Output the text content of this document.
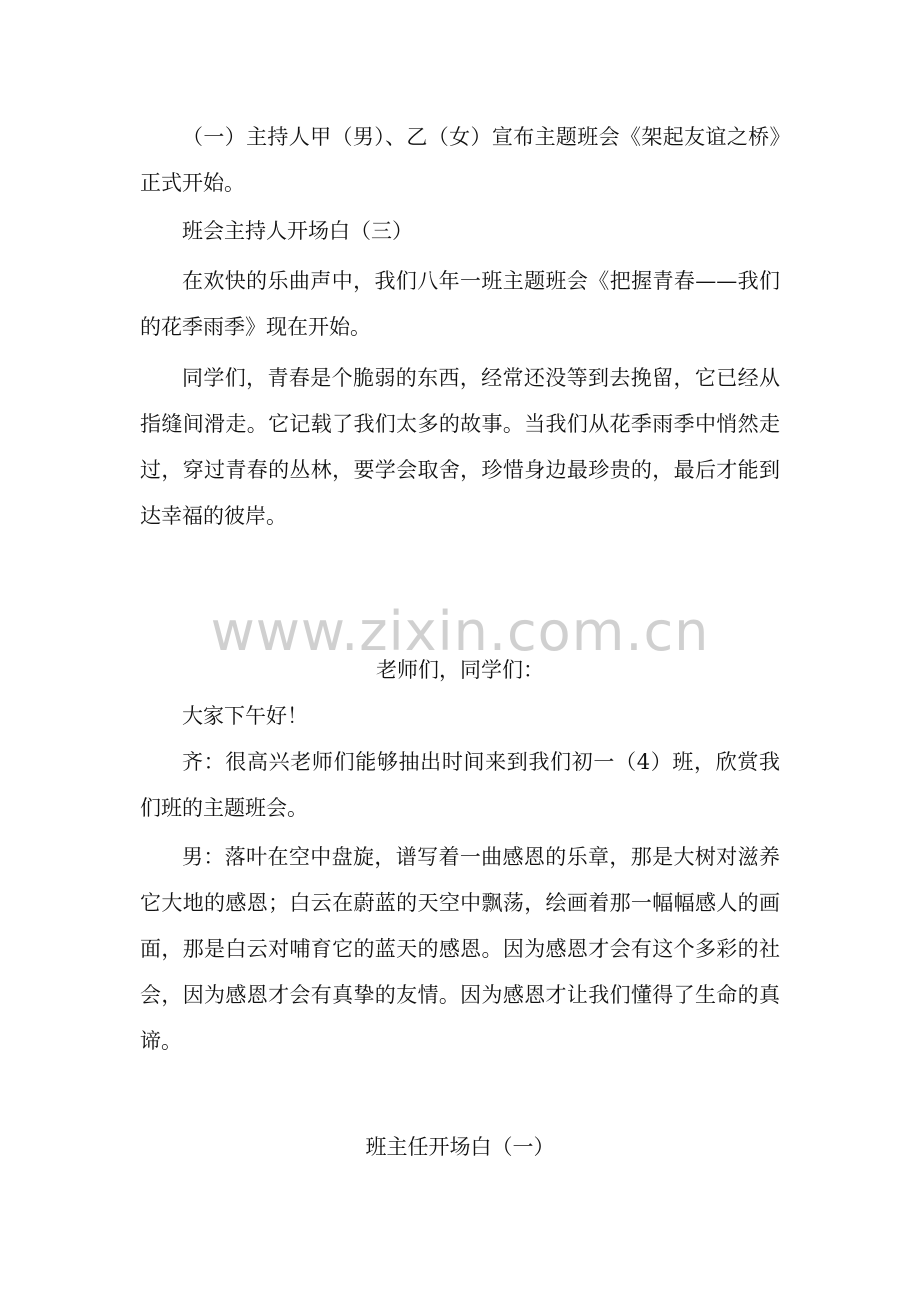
（一）主持人甲（男）、乙（女）宣布主题班会《架起友谊之桥》正式开始。

班会主持人开场白（三）

在欢快的乐曲声中，我们八年一班主题班会《把握青春——我们的花季雨季》现在开始。

同学们，青春是个脆弱的东西，经常还没等到去挽留，它已经从指缝间滑走。它记载了我们太多的故事。当我们从花季雨季中悄然走过，穿过青春的丛林，要学会取舍，珍惜身边最珍贵的，最后才能到达幸福的彼岸。

www.zixin.com.cn

老师们，同学们：

大家下午好！

齐：很高兴老师们能够抽出时间来到我们初一（4）班，欣赏我们班的主题班会。

男：落叶在空中盘旋，谱写着一曲感恩的乐章，那是大树对滋养它大地的感恩；白云在蔚蓝的天空中飘荡，绘画着那一幅幅感人的画面，那是白云对哺育它的蓝天的感恩。因为感恩才会有这个多彩的社会，因为感恩才会有真挚的友情。因为感恩才让我们懂得了生命的真谛。

班主任开场白（一）
